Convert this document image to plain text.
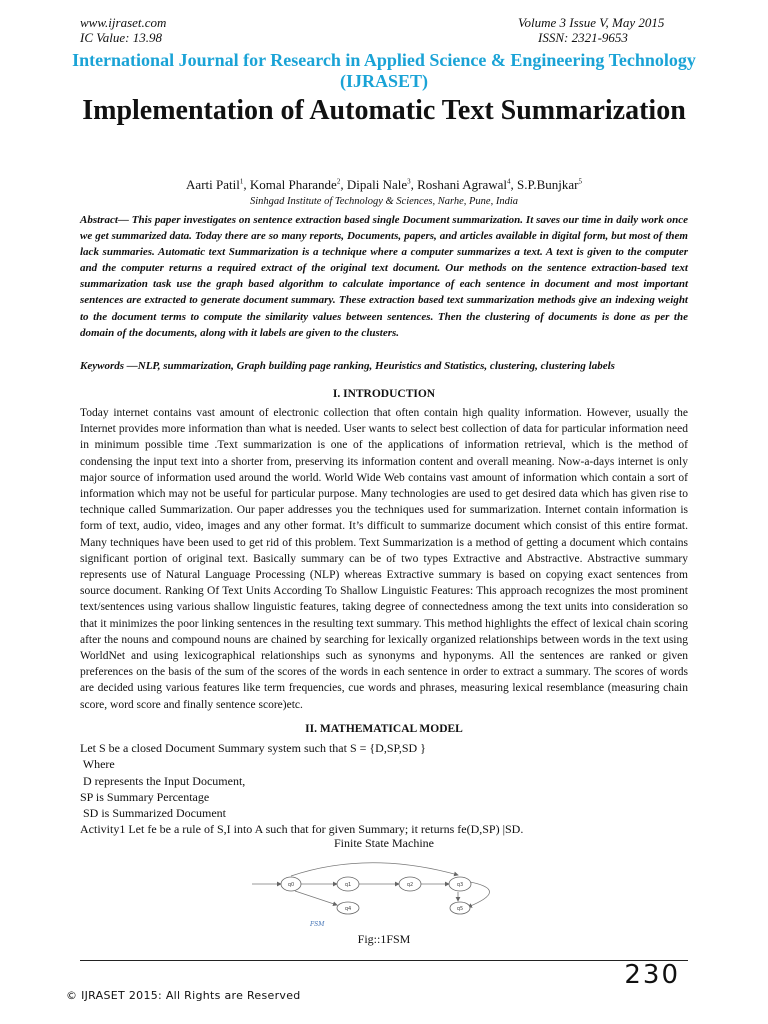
www.ijraset.com
IC Value: 13.98
Volume 3 Issue V, May 2015
ISSN: 2321-9653
International Journal for Research in Applied Science & Engineering Technology (IJRASET)
Implementation of Automatic Text Summarization
Aarti Patil$^1$, Komal Pharande$^2$, Dipali Nale$^3$, Roshani Agrawal$^4$, S.P.Bunjkar$^5$
Sinhgad Institute of Technology & Sciences, Narhe, Pune, India

Abstract— This paper investigates on sentence extraction based single Document summarization. It saves our time in daily work once we get summarized data. Today there are so many reports, Documents, papers, and articles available in digital form, but most of them lack summaries. Automatic text Summarization is a technique where a computer summarizes a text. A text is given to the computer and the computer returns a required extract of the original text document. Our methods on the sentence extraction-based text summarization task use the graph based algorithm to calculate importance of each sentence in document and most important sentences are extracted to generate document summary. These extraction based text summarization methods give an indexing weight to the document terms to compute the similarity values between sentences. Then the clustering of documents is done as per the domain of the documents, along with it labels are given to the clusters.

Keywords —NLP, summarization, Graph building page ranking, Heuristics and Statistics, clustering, clustering labels

I. INTRODUCTION

Today internet contains vast amount of electronic collection that often contain high quality information. However, usually the Internet provides more information than what is needed. User wants to select best collection of data for particular information need in minimum possible time .Text summarization is one of the applications of information retrieval, which is the method of condensing the input text into a shorter from, preserving its information content and overall meaning. Now-a-days internet is only major source of information used around the world. World Wide Web contains vast amount of information which contain a sort of information which may not be useful for particular purpose. Many technologies are used to get desired data which has given rise to technique called Summarization. Our paper addresses you the techniques used for summarization. Internet contain information is form of text, audio, video, images and any other format. It’s difficult to summarize document which consist of this entire format. Many techniques have been used to get rid of this problem. Text Summarization is a method of getting a document which contains significant portion of original text. Basically summary can be of two types Extractive and Abstractive. Abstractive summary represents use of Natural Language Processing (NLP) whereas Extractive summary is based on copying exact sentences from source document. Ranking Of Text Units According To Shallow Linguistic Features: This approach recognizes the most prominent text/sentences using various shallow linguistic features, taking degree of connectedness among the text units into consideration so that it minimizes the poor linking sentences in the resulting text summary. This method highlights the effect of lexical chain scoring after the nouns and compound nouns are chained by searching for lexically organized relationships between words in the text using WorldNet and using lexicographical relationships such as synonyms and hyponyms. All the sentences are ranked or given preferences on the basis of the sum of the scores of the words in each sentence in order to extract a summary. The scores of words are decided using various features like term frequencies, cue words and phrases, measuring lexical resemblance (measuring chain score, word score and finally sentence score)etc.

II. MATHEMATICAL MODEL
Let S be a closed Document Summary system such that S = {D,SP,SD }
Where
D represents the Input Document,
SP is Summary Percentage
SD is Summarized Document
Activity1 Let fe be a rule of S,I into A such that for given Summary; it returns fe(D,SP) |SD.
Finite State Machine
q0	q1	q2	q3
q4	q5
FSM
Fig::1FSM
230
© IJRASET 2015: All Rights are Reserved
